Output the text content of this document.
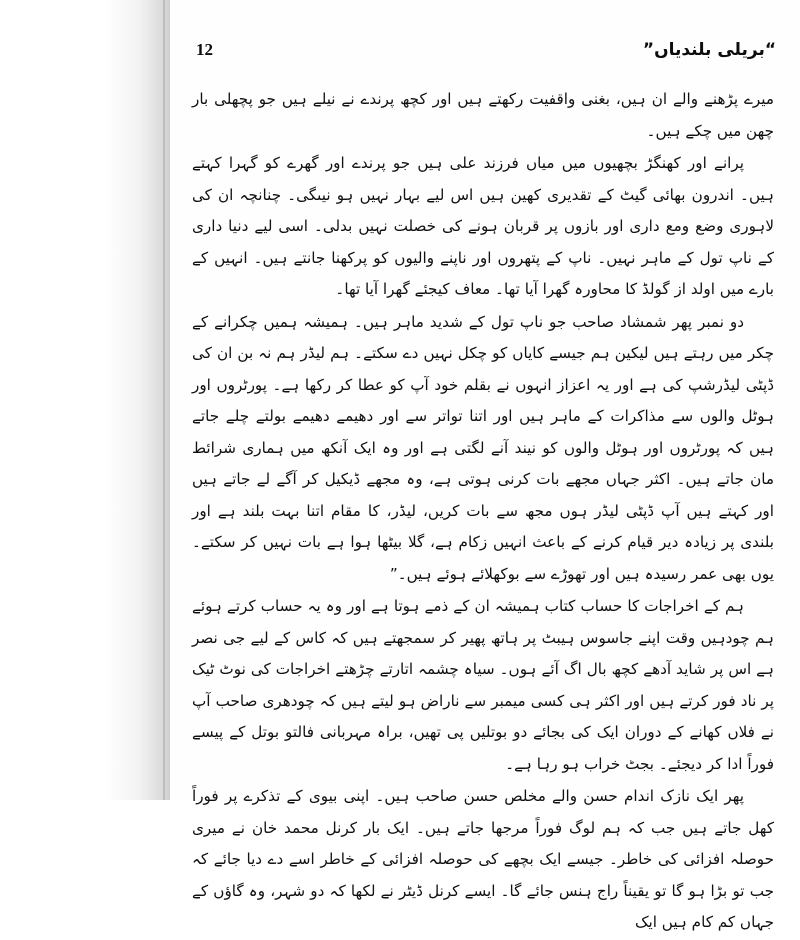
“بریلی بلندیاں”
12

میرے پڑھنے والے ان ہیں، بغنی واقفیت رکھتے ہیں اور کچھ پرندے نے نیلے ہیں جو پچھلی بار چھن میں چکے ہیں۔

پرانے اور کھنگڑ بچھیوں میں میاں فرزند علی ہیں جو پرندے اور گھرے کو گہرا کہتے ہیں۔ اندرون بھائی گیٹ کے تقدیری کھین ہیں اس لیے بہار نہیں ہو نیںگی۔ چنانچہ ان کی لاہوری وضع ومع داری اور بازوں پر قربان ہونے کی خصلت نہیں بدلی۔ اسی لیے دنیا داری کے ناپ تول کے ماہر نہیں۔ ناپ کے پتھروں اور ناپنے والیوں کو پرکھنا جانتے ہیں۔ انہیں کے بارے میں اولد از گولڈ کا محاورہ گھرا آیا تھا۔ معاف کیجئے گھرا آیا تھا۔

دو نمبر پھر شمشاد صاحب جو ناپ تول کے شدید ماہر ہیں۔ ہمیشہ ہمیں چکرانے کے چکر میں رہتے ہیں لیکین ہم جیسے کایاں کو چکل نہیں دے سکتے۔ ہم لیڈر ہم نہ بن ان کی ڈپٹی لیڈرشپ کی ہے اور یہ اعزاز انہوں نے بقلم خود آپ کو عطا کر رکھا ہے۔ پورٹروں اور ہوٹل والوں سے مذاکرات کے ماہر ہیں اور اتنا تواتر سے اور دھیمے دھیمے بولتے چلے جاتے ہیں کہ پورٹروں اور ہوٹل والوں کو نیند آنے لگتی ہے اور وہ ایک آنکھ میں ہماری شرائط مان جاتے ہیں۔ اکثر جہاں مجھے بات کرنی ہوتی ہے، وہ مجھے ڈیکیل کر آگے لے جاتے ہیں اور کہتے ہیں آپ ڈپٹی لیڈر ہوں مجھ سے بات کریں، لیڈر، کا مقام اتنا بہت بلند ہے اور بلندی پر زیادہ دیر قیام کرنے کے باعث انہیں زکام ہے، گلا بیٹھا ہوا ہے بات نہیں کر سکتے۔ یوں بھی عمر رسیدہ ہیں اور تھوڑے سے بوکھلائے ہوئے ہیں۔”

ہم کے اخراجات کا حساب کتاب ہمیشہ ان کے ذمے ہوتا ہے اور وہ یہ حساب کرتے ہوئے ہم چودہیں وقت اپنے جاسوس ہیبٹ پر ہاتھ پھیر کر سمجھتے ہیں کہ کاس کے لیے جی نصر ہے اس پر شاید آدھے کچھ بال اگ آئے ہوں۔ سیاہ چشمہ اتارتے چڑھتے اخراجات کی نوٹ ٹیک پر ناد فور کرتے ہیں اور اکثر ہی کسی میمبر سے ناراض ہو لیتے ہیں کہ چودھری صاحب آپ نے فلاں کھانے کے دوران ایک کی بجائے دو بوتلیں پی تھیں، براہ مہربانی فالتو بوتل کے پیسے فوراً ادا کر دیجئے۔ بجٹ خراب ہو رہا ہے۔

پھر ایک نازک اندام حسن والے مخلص حسن صاحب ہیں۔ اپنی بیوی کے تذکرے پر فوراً کھل جاتے ہیں جب کہ ہم لوگ فوراً مرجھا جاتے ہیں۔ ایک بار کرنل محمد خان نے میری حوصلہ افزائی کی خاطر۔ جیسے ایک بچھے کی حوصلہ افزائی کے خاطر اسے دے دیا جائے کہ جب تو بڑا ہو گا تو یقیناً راج ہنس جائے گا۔ ایسے کرنل ڈیٹر نے لکھا کہ دو شہر، وہ گاؤں کے جہاں کم کام ہیں ایک
